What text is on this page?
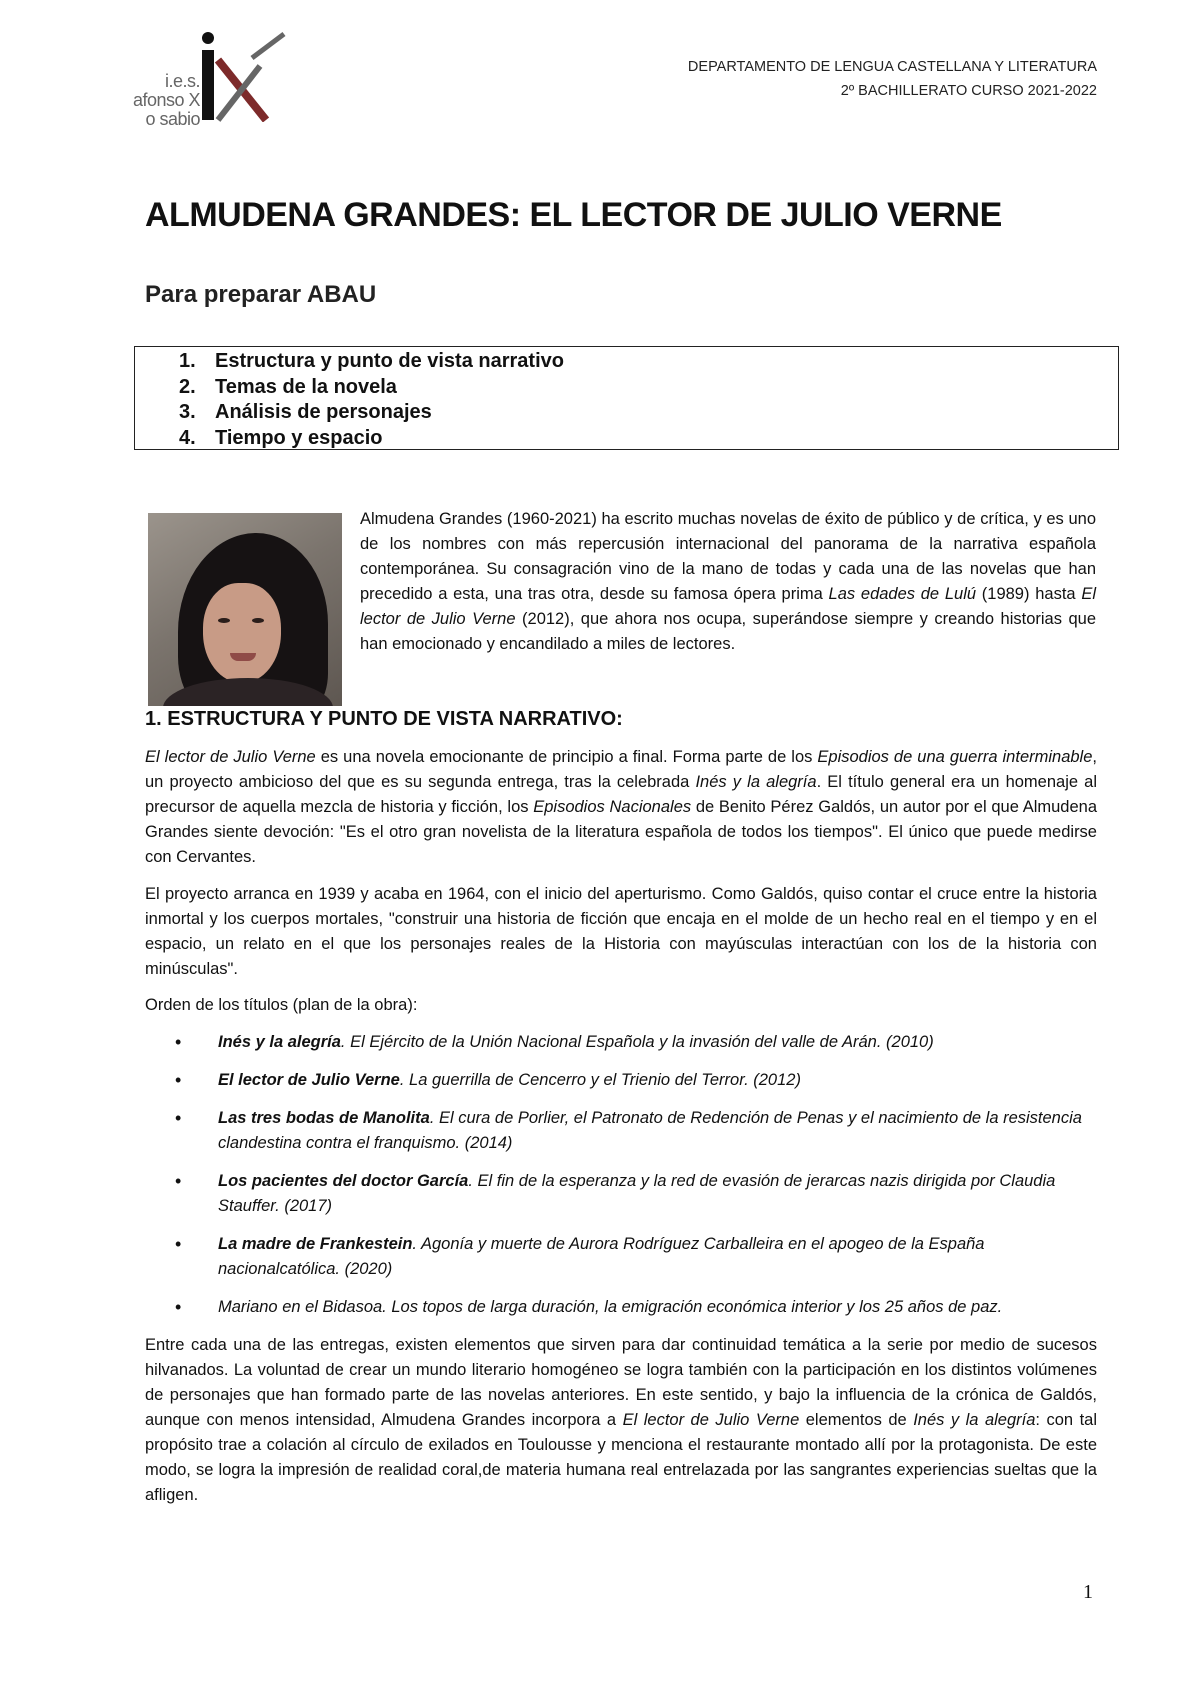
i.e.s.
afonso X
o sabio
DEPARTAMENTO DE LENGUA CASTELLANA Y LITERATURA
2º BACHILLERATO CURSO 2021-2022
ALMUDENA GRANDES: EL LECTOR DE JULIO VERNE
Para preparar ABAU
1. Estructura y punto de vista narrativo
2. Temas de la novela
3. Análisis de personajes
4. Tiempo y espacio

Almudena Grandes (1960-2021) ha escrito muchas novelas de éxito de público y de crítica, y es uno de los nombres con más repercusión internacional del panorama de la narrativa española contemporánea. Su consagración vino de la mano de todas y cada una de las novelas que han precedido a esta, una tras otra, desde su famosa ópera prima Las edades de Lulú (1989) hasta El lector de Julio Verne (2012), que ahora nos ocupa, superándose siempre y creando historias que han emocionado y encandilado a miles de lectores.

1. ESTRUCTURA Y PUNTO DE VISTA NARRATIVO:

El lector de Julio Verne es una novela emocionante de principio a final. Forma parte de los Episodios de una guerra interminable, un proyecto ambicioso del que es su segunda entrega, tras la celebrada Inés y la alegría. El título general era un homenaje al precursor de aquella mezcla de historia y ficción, los Episodios Nacionales de Benito Pérez Galdós, un autor por el que Almudena Grandes siente devoción: "Es el otro gran novelista de la literatura española de todos los tiempos". El único que puede medirse con Cervantes.

El proyecto arranca en 1939 y acaba en 1964, con el inicio del aperturismo. Como Galdós, quiso contar el cruce entre la historia inmortal y los cuerpos mortales, "construir una historia de ficción que encaja en el molde de un hecho real en el tiempo y en el espacio, un relato en el que los personajes reales de la Historia con mayúsculas interactúan con los de la historia con minúsculas".

Orden de los títulos (plan de la obra):

• Inés y la alegría. El Ejército de la Unión Nacional Española y la invasión del valle de Arán. (2010)
• El lector de Julio Verne. La guerrilla de Cencerro y el Trienio del Terror. (2012)
• Las tres bodas de Manolita. El cura de Porlier, el Patronato de Redención de Penas y el nacimiento de la resistencia clandestina contra el franquismo. (2014)
• Los pacientes del doctor García. El fin de la esperanza y la red de evasión de jerarcas nazis dirigida por Claudia Stauffer. (2017)
• La madre de Frankestein. Agonía y muerte de Aurora Rodríguez Carballeira en el apogeo de la España nacionalcatólica. (2020)
• Mariano en el Bidasoa. Los topos de larga duración, la emigración económica interior y los 25 años de paz.

Entre cada una de las entregas, existen elementos que sirven para dar continuidad temática a la serie por medio de sucesos hilvanados. La voluntad de crear un mundo literario homogéneo se logra también con la participación en los distintos volúmenes de personajes que han formado parte de las novelas anteriores. En este sentido, y bajo la influencia de la crónica de Galdós, aunque con menos intensidad, Almudena Grandes incorpora a El lector de Julio Verne elementos de Inés y la alegría: con tal propósito trae a colación al círculo de exilados en Toulousse y menciona el restaurante montado allí por la protagonista. De este modo, se logra la impresión de realidad coral,de materia humana real entrelazada por las sangrantes experiencias sueltas que la afligen.

1
